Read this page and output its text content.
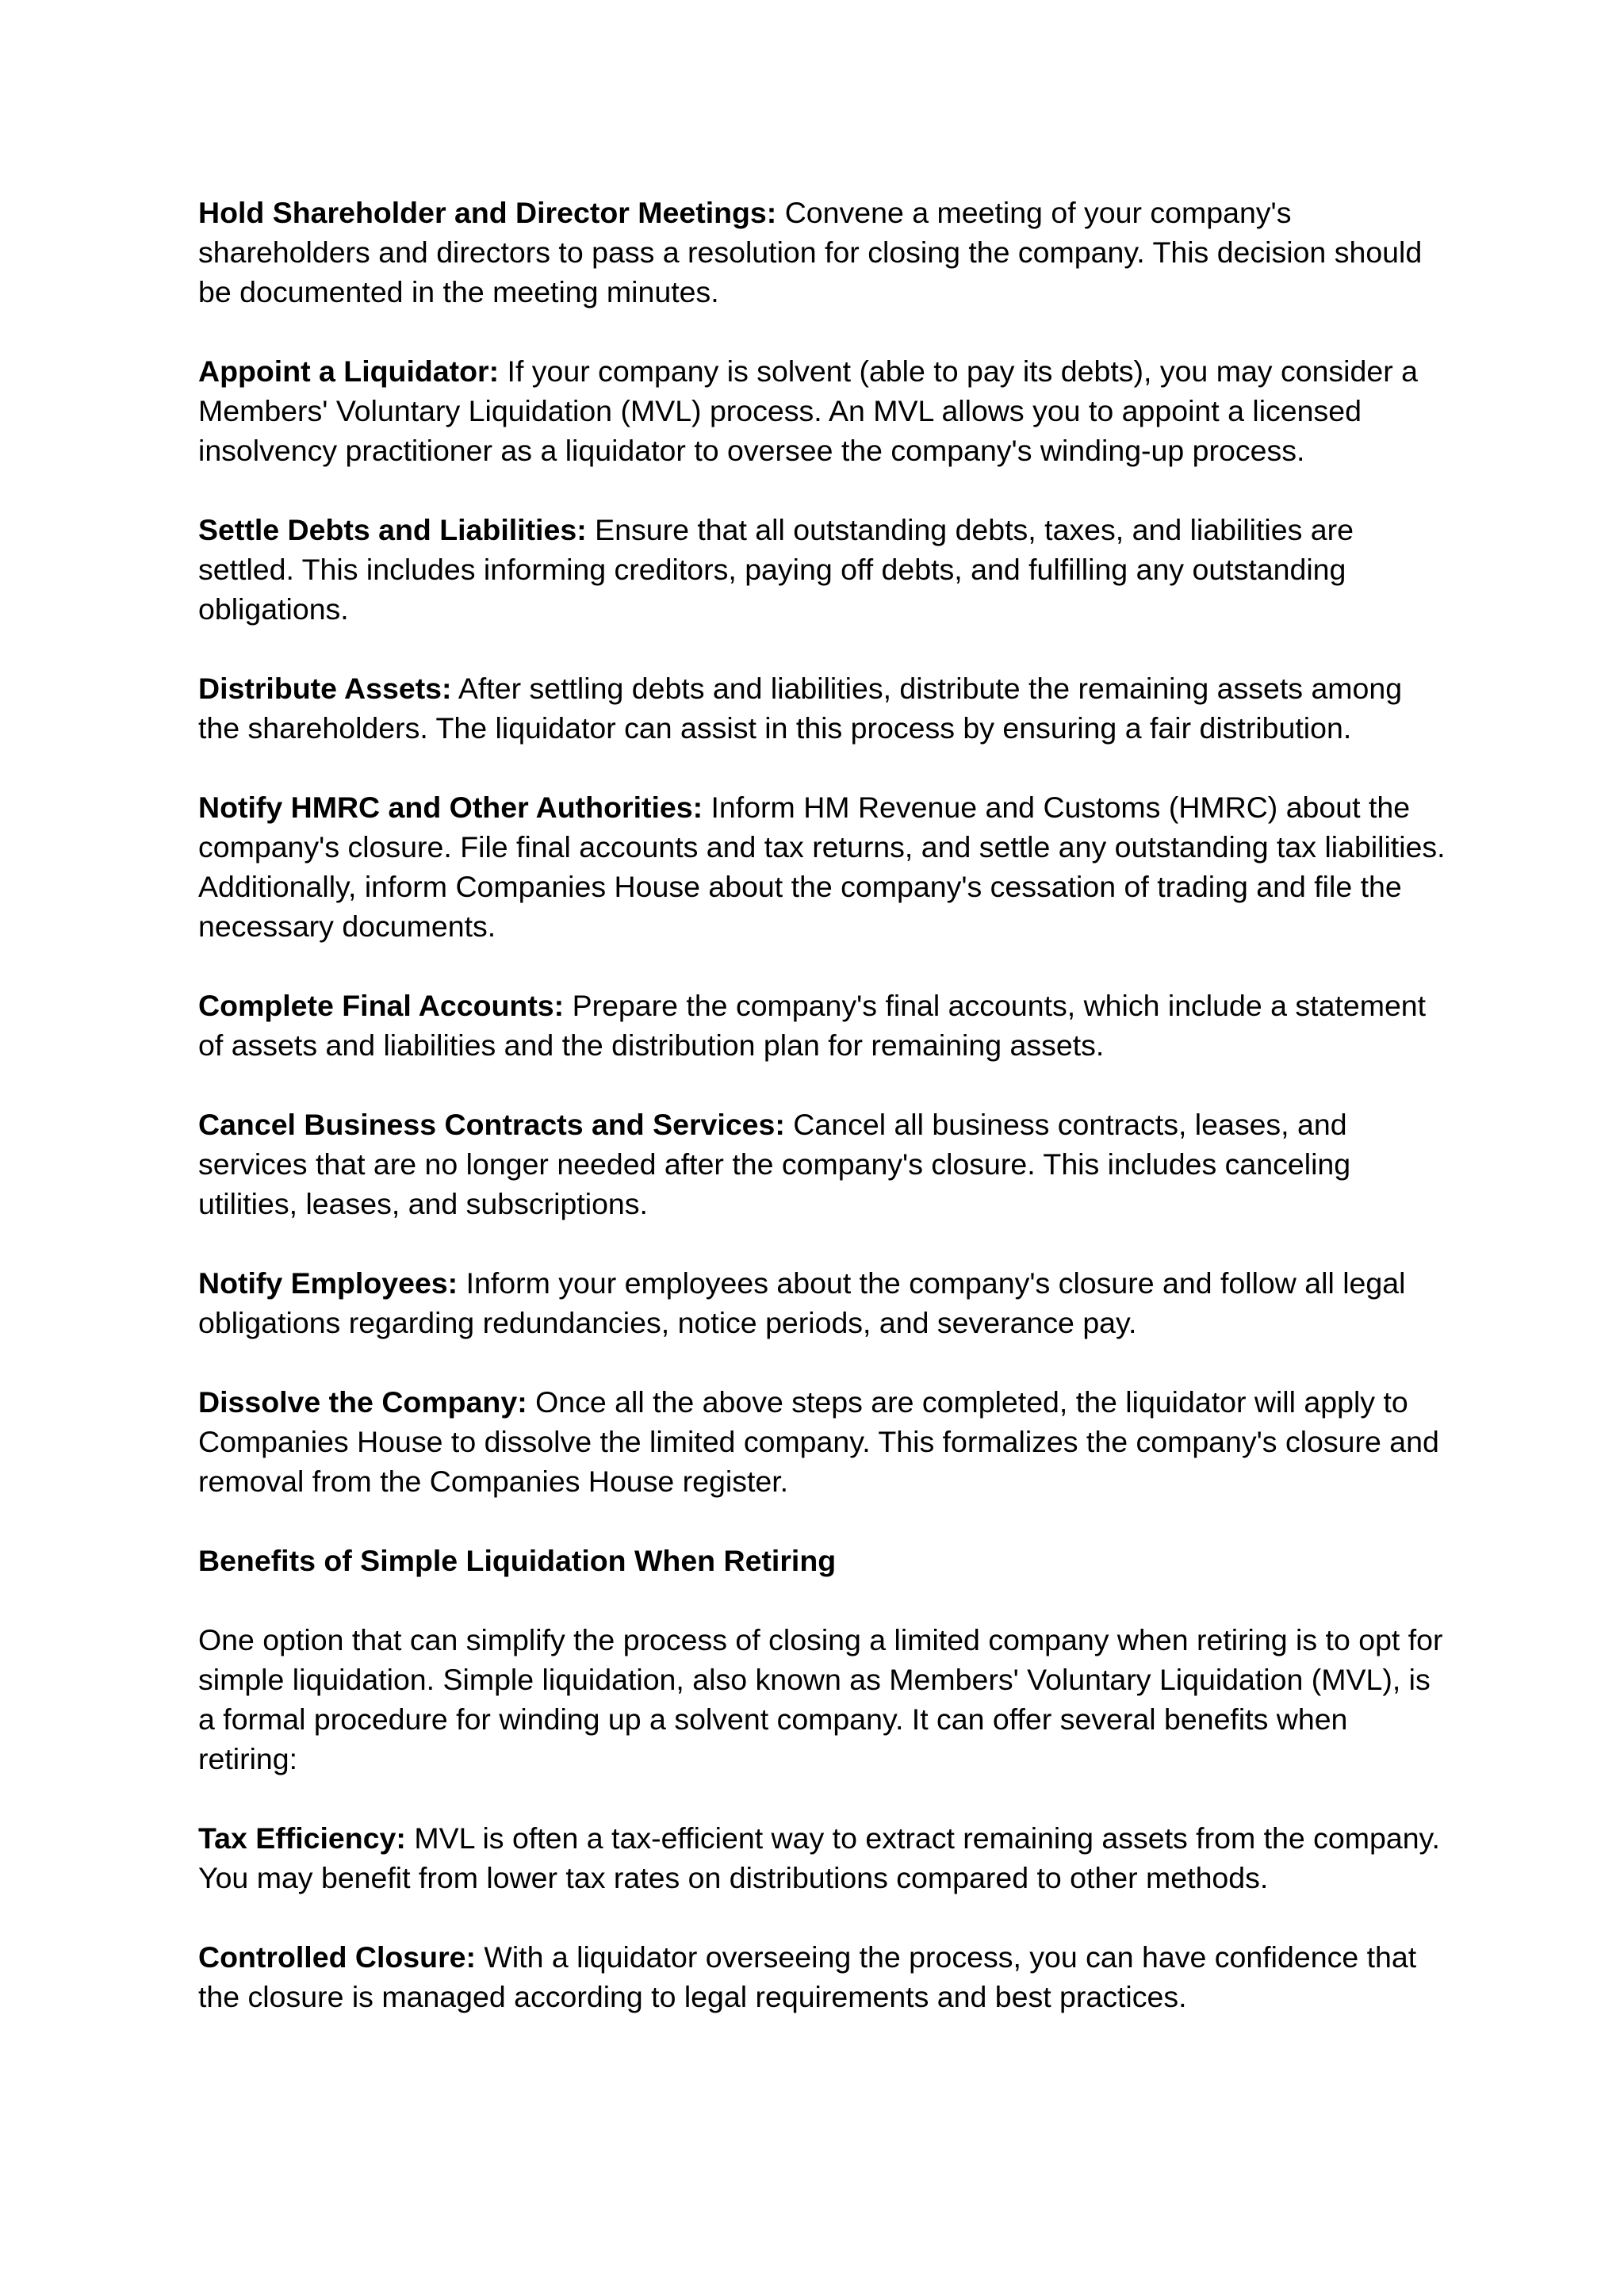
Hold Shareholder and Director Meetings: Convene a meeting of your company's shareholders and directors to pass a resolution for closing the company. This decision should be documented in the meeting minutes.

Appoint a Liquidator: If your company is solvent (able to pay its debts), you may consider a Members' Voluntary Liquidation (MVL) process. An MVL allows you to appoint a licensed insolvency practitioner as a liquidator to oversee the company's winding-up process.

Settle Debts and Liabilities: Ensure that all outstanding debts, taxes, and liabilities are settled. This includes informing creditors, paying off debts, and fulfilling any outstanding obligations.

Distribute Assets: After settling debts and liabilities, distribute the remaining assets among the shareholders. The liquidator can assist in this process by ensuring a fair distribution.

Notify HMRC and Other Authorities: Inform HM Revenue and Customs (HMRC) about the company's closure. File final accounts and tax returns, and settle any outstanding tax liabilities. Additionally, inform Companies House about the company's cessation of trading and file the necessary documents.

Complete Final Accounts: Prepare the company's final accounts, which include a statement of assets and liabilities and the distribution plan for remaining assets.

Cancel Business Contracts and Services: Cancel all business contracts, leases, and services that are no longer needed after the company's closure. This includes canceling utilities, leases, and subscriptions.

Notify Employees: Inform your employees about the company's closure and follow all legal obligations regarding redundancies, notice periods, and severance pay.

Dissolve the Company: Once all the above steps are completed, the liquidator will apply to Companies House to dissolve the limited company. This formalizes the company's closure and removal from the Companies House register.

Benefits of Simple Liquidation When Retiring

One option that can simplify the process of closing a limited company when retiring is to opt for simple liquidation. Simple liquidation, also known as Members' Voluntary Liquidation (MVL), is a formal procedure for winding up a solvent company. It can offer several benefits when retiring:

Tax Efficiency: MVL is often a tax-efficient way to extract remaining assets from the company. You may benefit from lower tax rates on distributions compared to other methods.

Controlled Closure: With a liquidator overseeing the process, you can have confidence that the closure is managed according to legal requirements and best practices.
